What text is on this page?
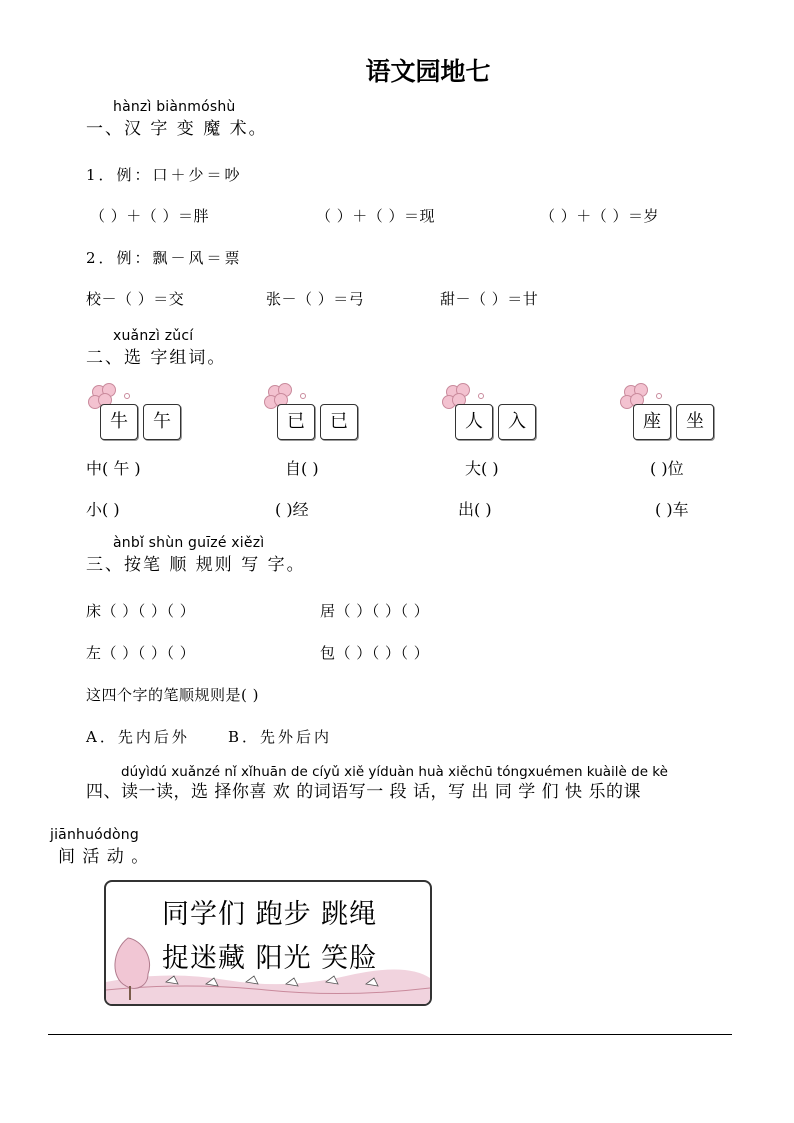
语文园地七
hànzì biànmóshù
一、汉 字 变 魔 术。
1．例：口＋少＝吵
（ ）＋（ ）＝胖	（ ）＋（ ）＝现	（ ）＋（ ）＝岁
2．例：飘－风＝票
校－（ ）＝交	张－（ ）＝弓	甜－（ ）＝甘
xuǎnzì zǔcí
二、选 字组词。
牛	午	已	已	人	入	座	坐
中( 午 )	自( )	大( )	( )位
小( )	( )经	出( )	( )车
ànbǐ shùn guīzé xiězì
三、按笔 顺 规则 写 字。
床（ ）（ ）（ ）	居（ ）（ ）（ ）
左（ ）（ ）（ ）	包（ ）（ ）（ ）
这四个字的笔顺规则是( )
A．先内后外	B．先外后内
dúyìdú xuǎnzé nǐ xǐhuān de cíyǔ xiě yíduàn huà xiěchū tóngxuémen kuàilè de kè
四、读一读，选 择你喜 欢 的词语写一 段 话，写 出 同 学 们 快 乐的课
jiānhuódòng
间 活 动 。
同学们 跑步 跳绳
捉迷藏 阳光 笑脸
